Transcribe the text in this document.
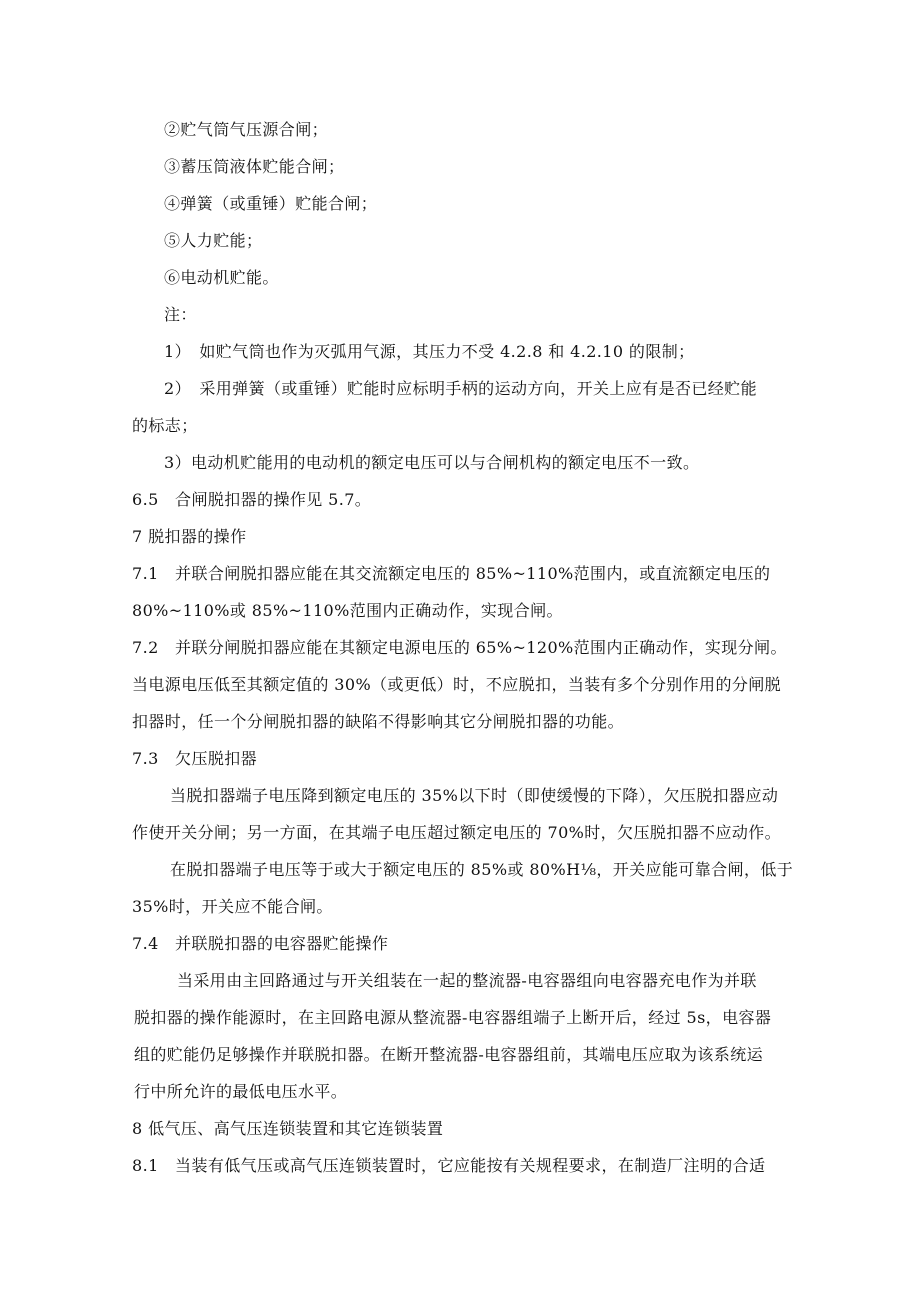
②贮气筒气压源合闸；
③蓄压筒液体贮能合闸；
④弹簧（或重锤）贮能合闸；
⑤人力贮能；
⑥电动机贮能。
注：
1）　如贮气筒也作为灭弧用气源，其压力不受 4.2.8 和 4.2.10 的限制；
2）　采用弹簧（或重锤）贮能时应标明手柄的运动方向，开关上应有是否已经贮能
的标志；
3）电动机贮能用的电动机的额定电压可以与合闸机构的额定电压不一致。
6.5　合闸脱扣器的操作见 5.7。
7 脱扣器的操作
7.1　并联合闸脱扣器应能在其交流额定电压的 85%~110%范围内，或直流额定电压的
80%~110%或 85%~110%范围内正确动作，实现合闸。
7.2　并联分闸脱扣器应能在其额定电源电压的 65%~120%范围内正确动作，实现分闸。
当电源电压低至其额定值的 30%（或更低）时，不应脱扣，当装有多个分别作用的分闸脱
扣器时，任一个分闸脱扣器的缺陷不得影响其它分闸脱扣器的功能。
7.3　欠压脱扣器
当脱扣器端子电压降到额定电压的 35%以下时（即使缓慢的下降），欠压脱扣器应动
作使开关分闸；另一方面，在其端子电压超过额定电压的 70%时，欠压脱扣器不应动作。
在脱扣器端子电压等于或大于额定电压的 85%或 80%H⅛，开关应能可靠合闸，低于
35%时，开关应不能合闸。
7.4　并联脱扣器的电容器贮能操作
当采用由主回路通过与开关组装在一起的整流器-电容器组向电容器充电作为并联
脱扣器的操作能源时，在主回路电源从整流器-电容器组端子上断开后，经过 5s，电容器
组的贮能仍足够操作并联脱扣器。在断开整流器-电容器组前，其端电压应取为该系统运
行中所允许的最低电压水平。
8 低气压、高气压连锁装置和其它连锁装置
8.1　当装有低气压或高气压连锁装置时，它应能按有关规程要求，在制造厂注明的合适
